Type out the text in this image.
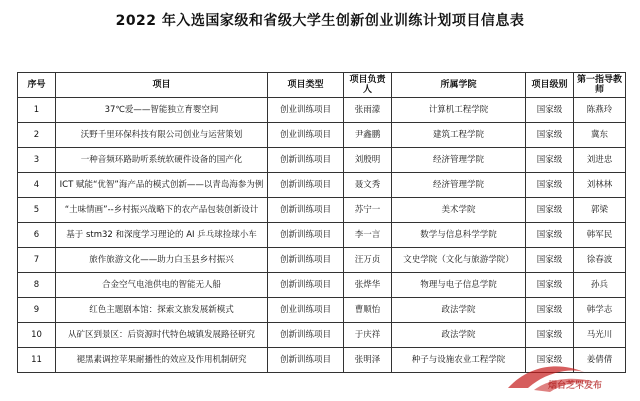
2022 年入选国家级和省级大学生创新创业训练计划项目信息表
序号	项目	项目类型	项目负责人	所属学院	项目级别	第一指导教师
1	37℃爱——智能独立育婴空间	创业训练项目	张雨濛	计算机工程学院	国家级	陈燕玲
2	沃野千里环保科技有限公司创业与运营策划	创业训练项目	尹鑫鹏	建筑工程学院	国家级	冀东
3	一种音频环路助听系统软硬件设备的国产化	创新训练项目	刘殷明	经济管理学院	国家级	刘进忠
4	ICT 赋能“优智”海产品的模式创新——以青岛海参为例	创新训练项目	聂文秀	经济管理学院	国家级	刘林林
5	“土味情画”--乡村振兴战略下的农产品包装创新设计	创新训练项目	苏宁一	美术学院	国家级	郭梁
6	基于 stm32 和深度学习理论的 AI 乒乓球捡球小车	创新训练项目	李一言	数学与信息科学学院	国家级	韩军民
7	旅作旅游文化——助力白玉县乡村振兴	创新训练项目	汪万贞	文史学院（文化与旅游学院）	国家级	徐春波
8	合金空气电池供电的智能无人船	创新训练项目	张烨华	物理与电子信息学院	国家级	孙兵
9	红色主题剧本馆：探索文旅发展新模式	创业训练项目	曹顺怡	政法学院	国家级	韩学志
10	从矿区到景区：后资源时代特色城镇发展路径研究	创新训练项目	于庆祥	政法学院	国家级	马光川
11	褪黑素调控苹果耐播性的效应及作用机制研究	创新训练项目	张明泽	种子与设施农业工程学院	国家级	姜倩倩
烟台芝罘发布
